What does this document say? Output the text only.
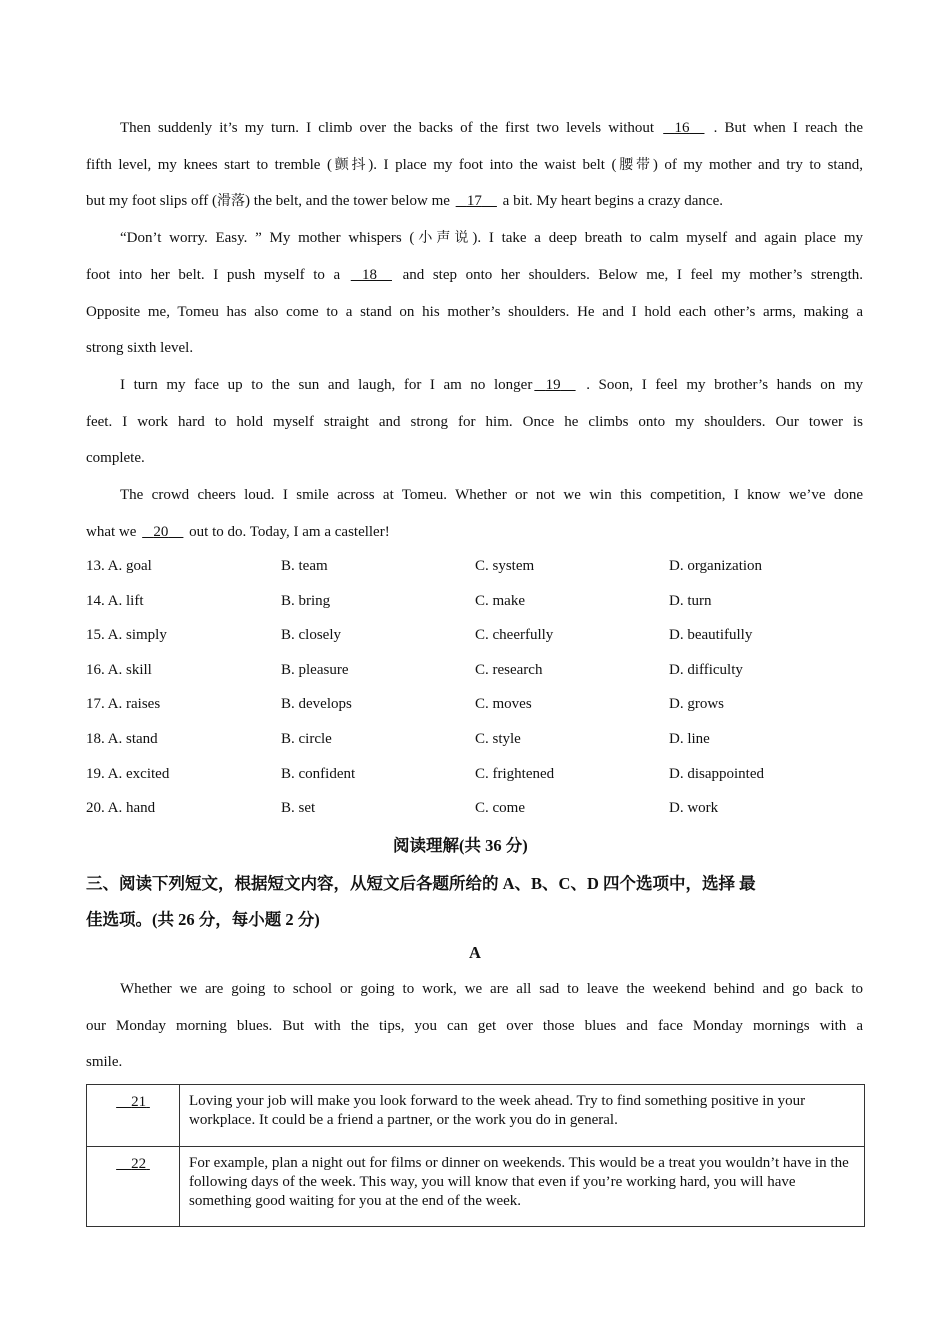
Then suddenly it’s my turn. I climb over the backs of the first two levels without    16     . But when I reach the
fifth level, my knees start to tremble (颤抖). I place my foot into the waist belt (腰带) of my mother and try to stand,
but my foot slips off (滑落) the belt, and the tower below me    17     a bit. My heart begins a crazy dance.
“Don’t worry. Easy. ” My mother whispers (小声说). I take a deep breath to calm myself and again place my
foot into her belt. I push myself to a    18     and step onto her shoulders. Below me, I feel my mother’s strength.
Opposite me, Tomeu has also come to a stand on his mother’s shoulders. He and I hold each other’s arms, making a
strong sixth level.
I turn my face up to the sun and laugh, for I am no longer 19     . Soon, I feel my brother’s hands on my
feet. I work hard to hold myself straight and strong for him. Once he climbs onto my shoulders. Our tower is
complete.
The crowd cheers loud. I smile across at Tomeu. Whether or not we win this competition, I know we’ve done
what we    20     out to do. Today, I am a casteller!
13. A. goal	B. team	C. system	D. organization
14. A. lift	B. bring	C. make	D. turn
15. A. simply	B. closely	C. cheerfully	D. beautifully
16. A. skill	B. pleasure	C. research	D. difficulty
17. A. raises	B. develops	C. moves	D. grows
18. A. stand	B. circle	C. style	D. line
19. A. excited	B. confident	C. frightened	D. disappointed
20. A. hand	B. set	C. come	D. work
阅读理解(共 36 分)
三、阅读下列短文，根据短文内容，从短文后各题所给的 A、B、C、D 四个选项中，选择 最
佳选项。(共 26 分，每小题 2 分)
A
Whether we are going to school or going to work, we are all sad to leave the weekend behind and go back to
our Monday morning blues. But with the tips, you can get over those blues and face Monday mornings with a
smile.
21	Loving your job will make you look forward to the week ahead. Try to find something positive in your workplace. It could be a friend a partner, or the work you do in general.
22	For example, plan a night out for films or dinner on weekends. This would be a treat you wouldn’t have in the following days of the week. This way, you will know that even if you’re working hard, you will have something good waiting for you at the end of the week.
